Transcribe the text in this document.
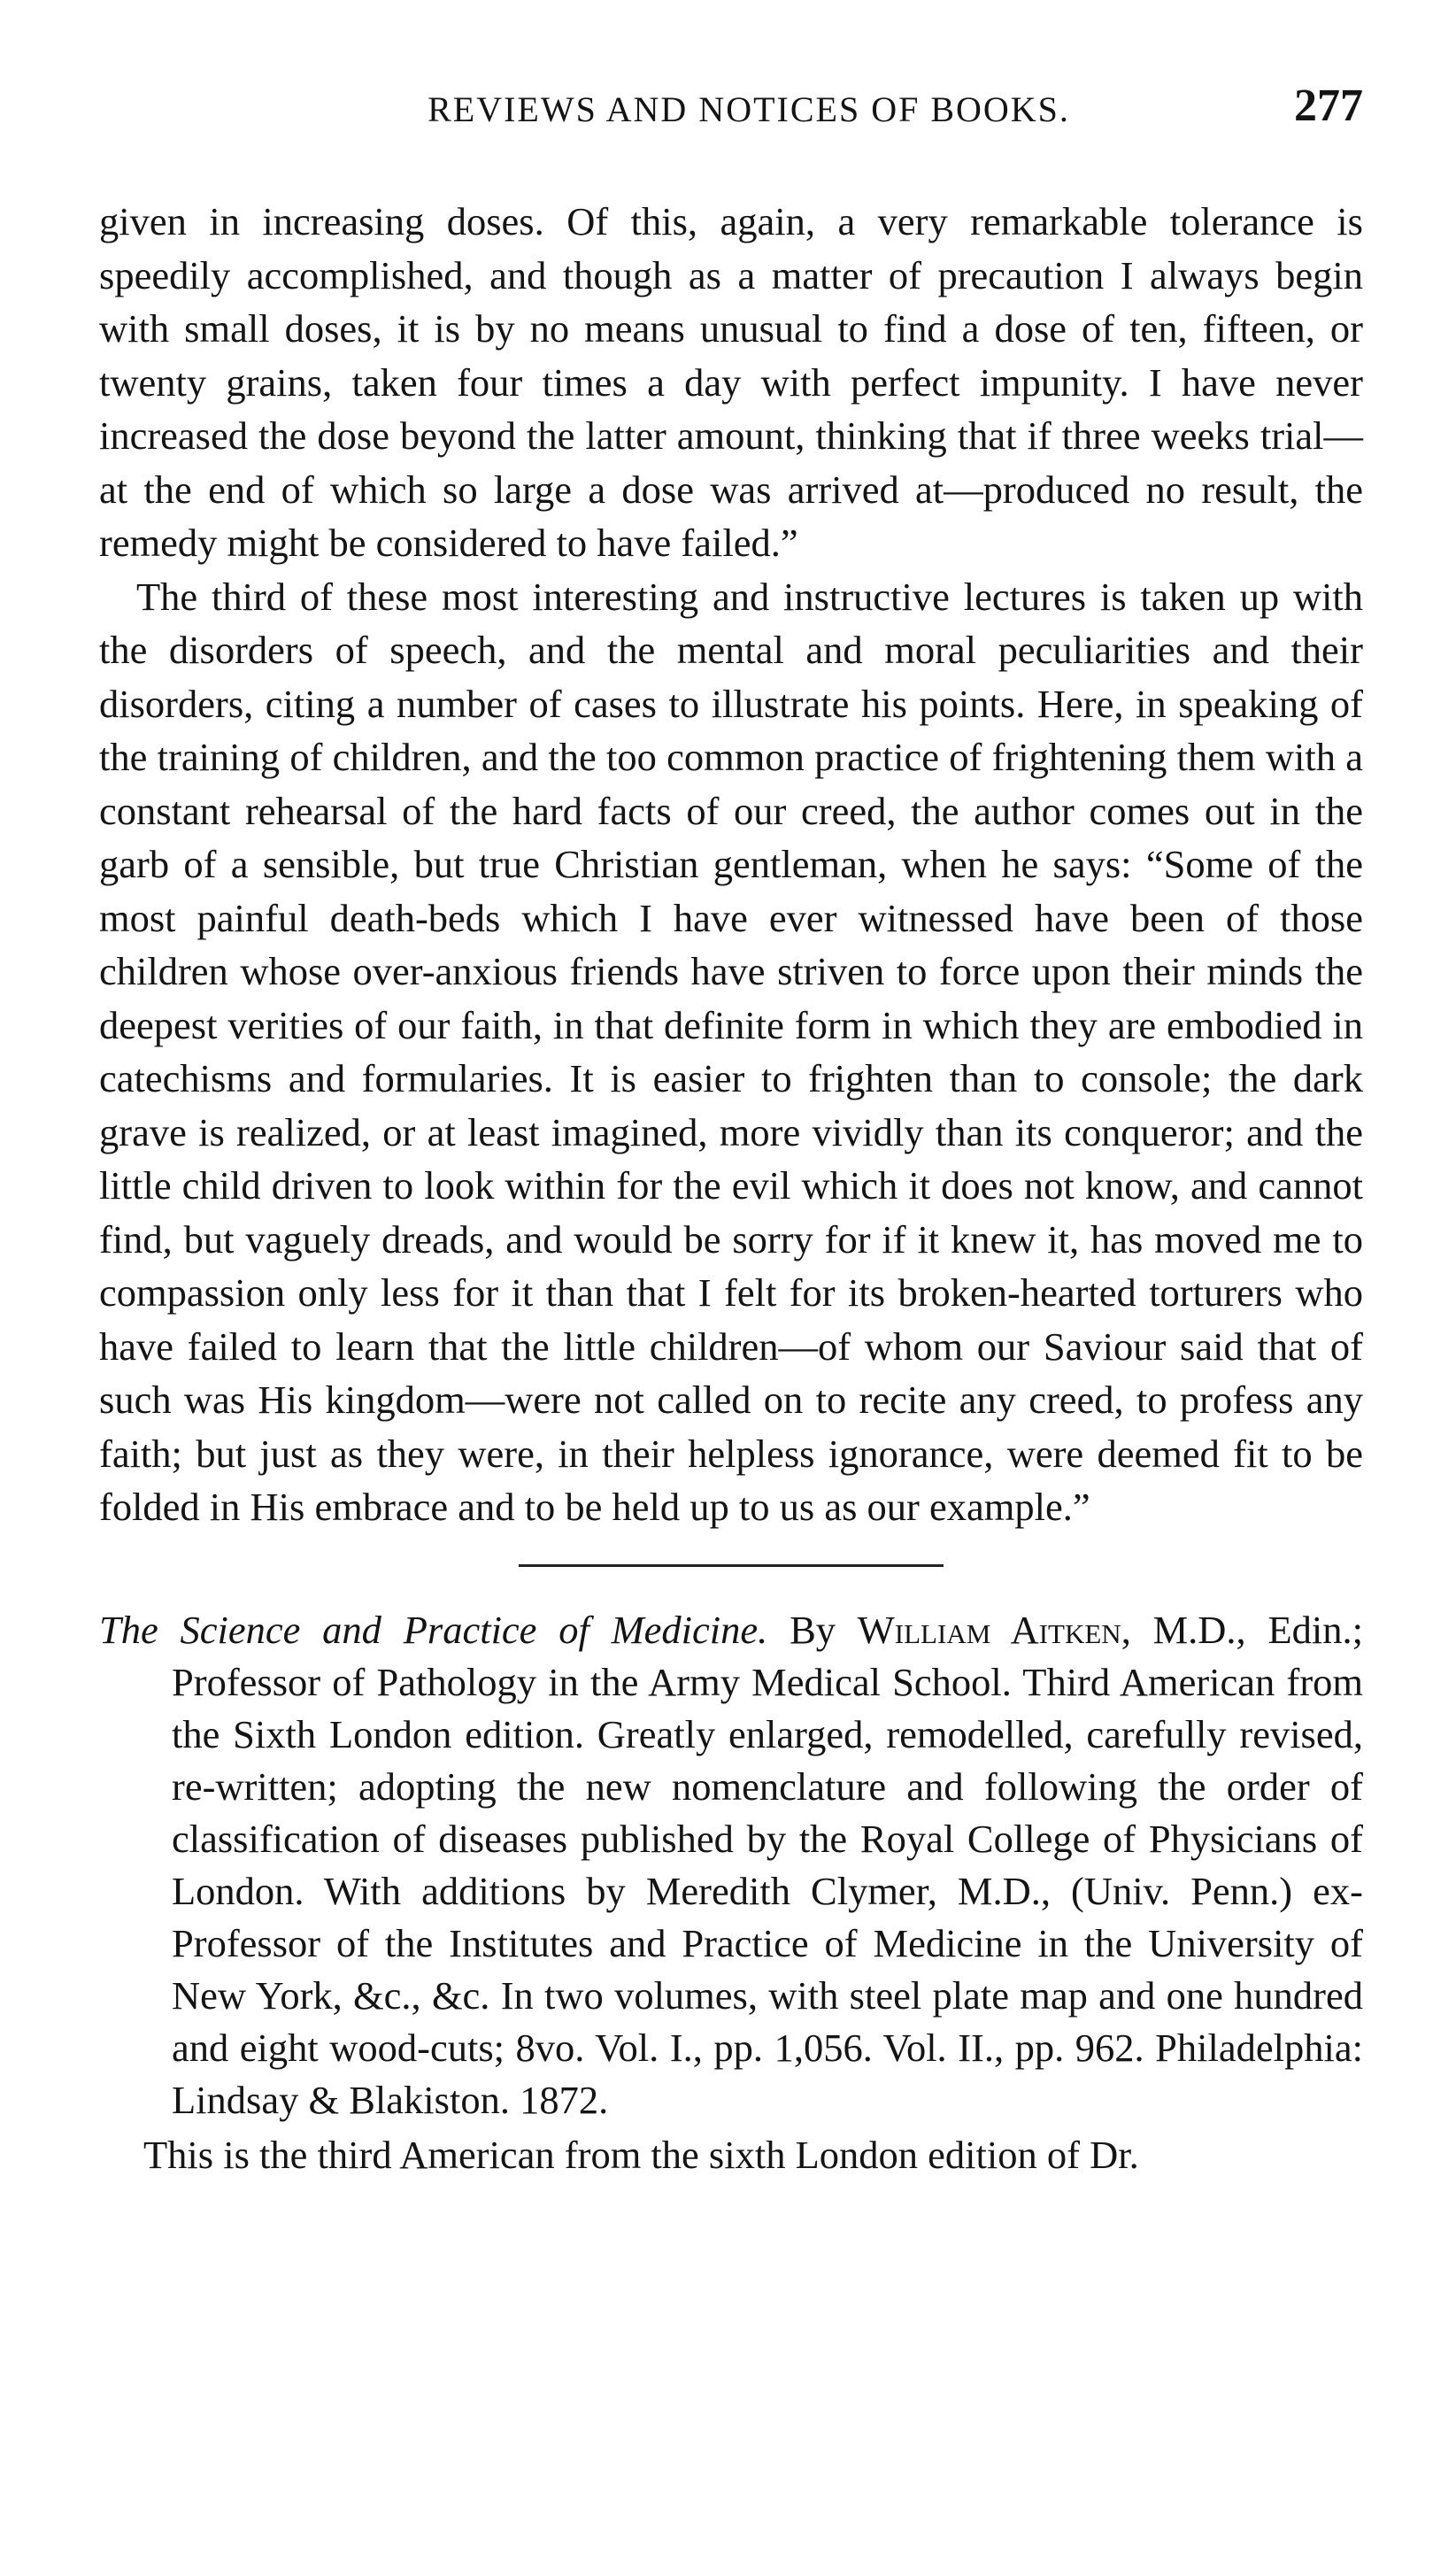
REVIEWS AND NOTICES OF BOOKS.	277

given in increasing doses. Of this, again, a very remarkable tolerance is speedily accomplished, and though as a matter of precaution I always begin with small doses, it is by no means unusual to find a dose of ten, fifteen, or twenty grains, taken four times a day with perfect impunity. I have never increased the dose beyond the latter amount, thinking that if three weeks trial—at the end of which so large a dose was arrived at—produced no result, the remedy might be considered to have failed.”

The third of these most interesting and instructive lectures is taken up with the disorders of speech, and the mental and moral peculiarities and their disorders, citing a number of cases to illustrate his points. Here, in speaking of the training of children, and the too common practice of frightening them with a constant rehearsal of the hard facts of our creed, the author comes out in the garb of a sensible, but true Christian gentleman, when he says: “Some of the most painful death-beds which I have ever witnessed have been of those children whose over-anxious friends have striven to force upon their minds the deepest verities of our faith, in that definite form in which they are embodied in catechisms and formularies. It is easier to frighten than to console; the dark grave is realized, or at least imagined, more vividly than its conqueror; and the little child driven to look within for the evil which it does not know, and cannot find, but vaguely dreads, and would be sorry for if it knew it, has moved me to compassion only less for it than that I felt for its broken-hearted torturers who have failed to learn that the little children—of whom our Saviour said that of such was His kingdom—were not called on to recite any creed, to profess any faith; but just as they were, in their helpless ignorance, were deemed fit to be folded in His embrace and to be held up to us as our example.”

The Science and Practice of Medicine. By William Aitken, M.D., Edin.; Professor of Pathology in the Army Medical School. Third American from the Sixth London edition. Greatly enlarged, remodelled, carefully revised, re-written; adopting the new nomenclature and following the order of classification of diseases published by the Royal College of Physicians of London. With additions by Meredith Clymer, M.D., (Univ. Penn.) ex-Professor of the Institutes and Practice of Medicine in the University of New York, &c., &c. In two volumes, with steel plate map and one hundred and eight wood-cuts; 8vo. Vol. I., pp. 1,056. Vol. II., pp. 962. Philadelphia: Lindsay & Blakiston. 1872.
This is the third American from the sixth London edition of Dr.
